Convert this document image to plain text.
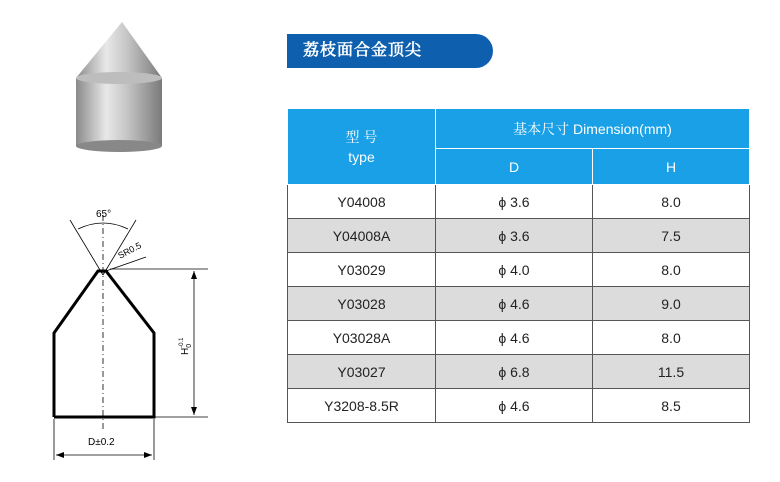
65°
SR0.5
$H_0-0.1$
D±0.2
荔枝面合金顶尖
型 号
type	基本尺寸 Dimension(mm)	
	D	H
Y04008	ϕ 3.6	8.0
Y04008A	ϕ 3.6	7.5
Y03029	ϕ 4.0	8.0
Y03028	ϕ 4.6	9.0
Y03028A	ϕ 4.6	8.0
Y03027	ϕ 6.8	11.5
Y3208-8.5R	ϕ 4.6	8.5
